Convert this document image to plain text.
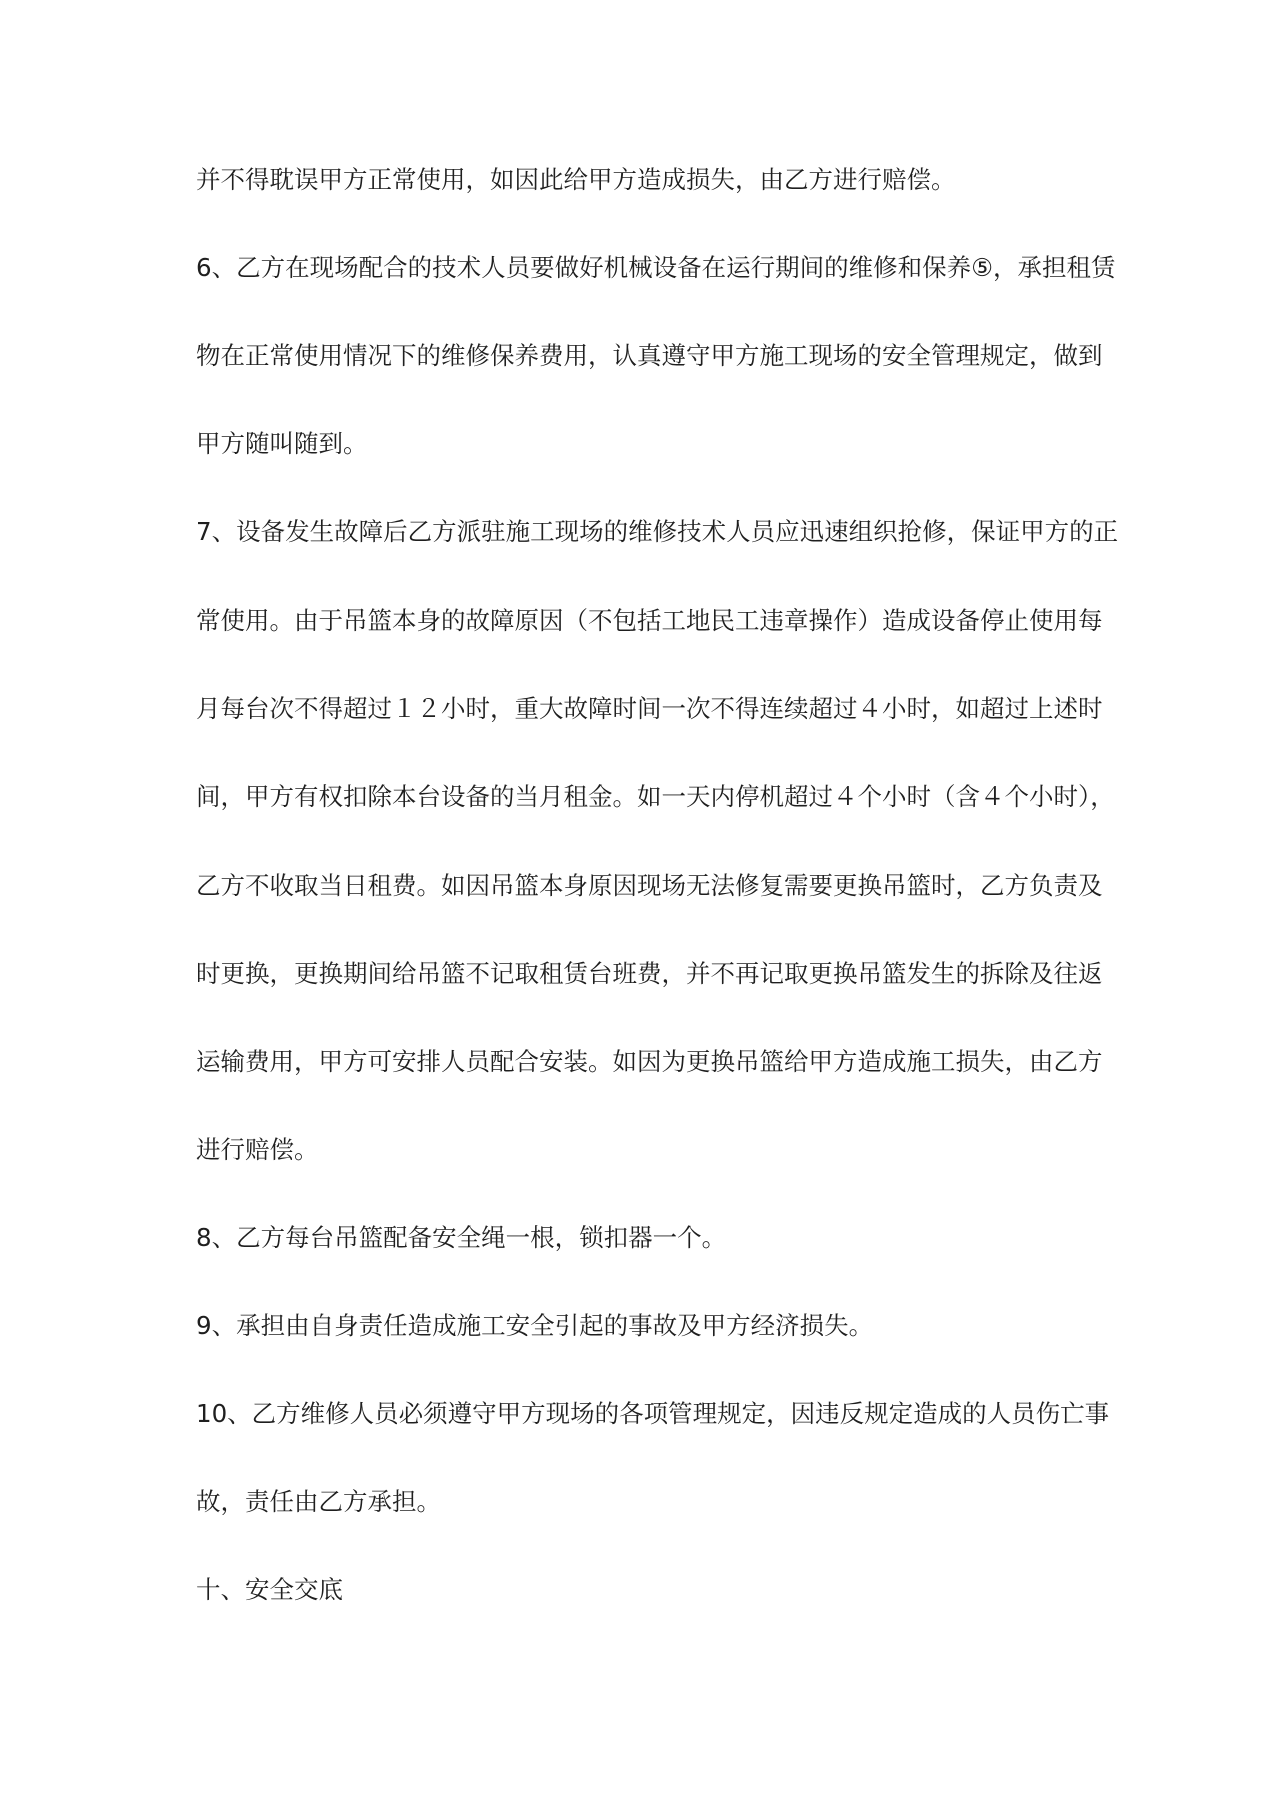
并不得耽误甲方正常使用，如因此给甲方造成损失，由乙方进行赔偿。
6、乙方在现场配合的技术人员要做好机械设备在运行期间的维修和保养⑤，承担租赁
物在正常使用情况下的维修保养费用，认真遵守甲方施工现场的安全管理规定，做到
甲方随叫随到。
7、设备发生故障后乙方派驻施工现场的维修技术人员应迅速组织抢修，保证甲方的正
常使用。由于吊篮本身的故障原因（不包括工地民工违章操作）造成设备停止使用每
月每台次不得超过１２小时，重大故障时间一次不得连续超过４小时，如超过上述时
间，甲方有权扣除本台设备的当月租金。如一天内停机超过４个小时（含４个小时），
乙方不收取当日租费。如因吊篮本身原因现场无法修复需要更换吊篮时，乙方负责及
时更换，更换期间给吊篮不记取租赁台班费，并不再记取更换吊篮发生的拆除及往返
运输费用，甲方可安排人员配合安装。如因为更换吊篮给甲方造成施工损失，由乙方
进行赔偿。
8、乙方每台吊篮配备安全绳一根，锁扣器一个。
9、承担由自身责任造成施工安全引起的事故及甲方经济损失。
10、乙方维修人员必须遵守甲方现场的各项管理规定，因违反规定造成的人员伤亡事
故，责任由乙方承担。
十、安全交底
